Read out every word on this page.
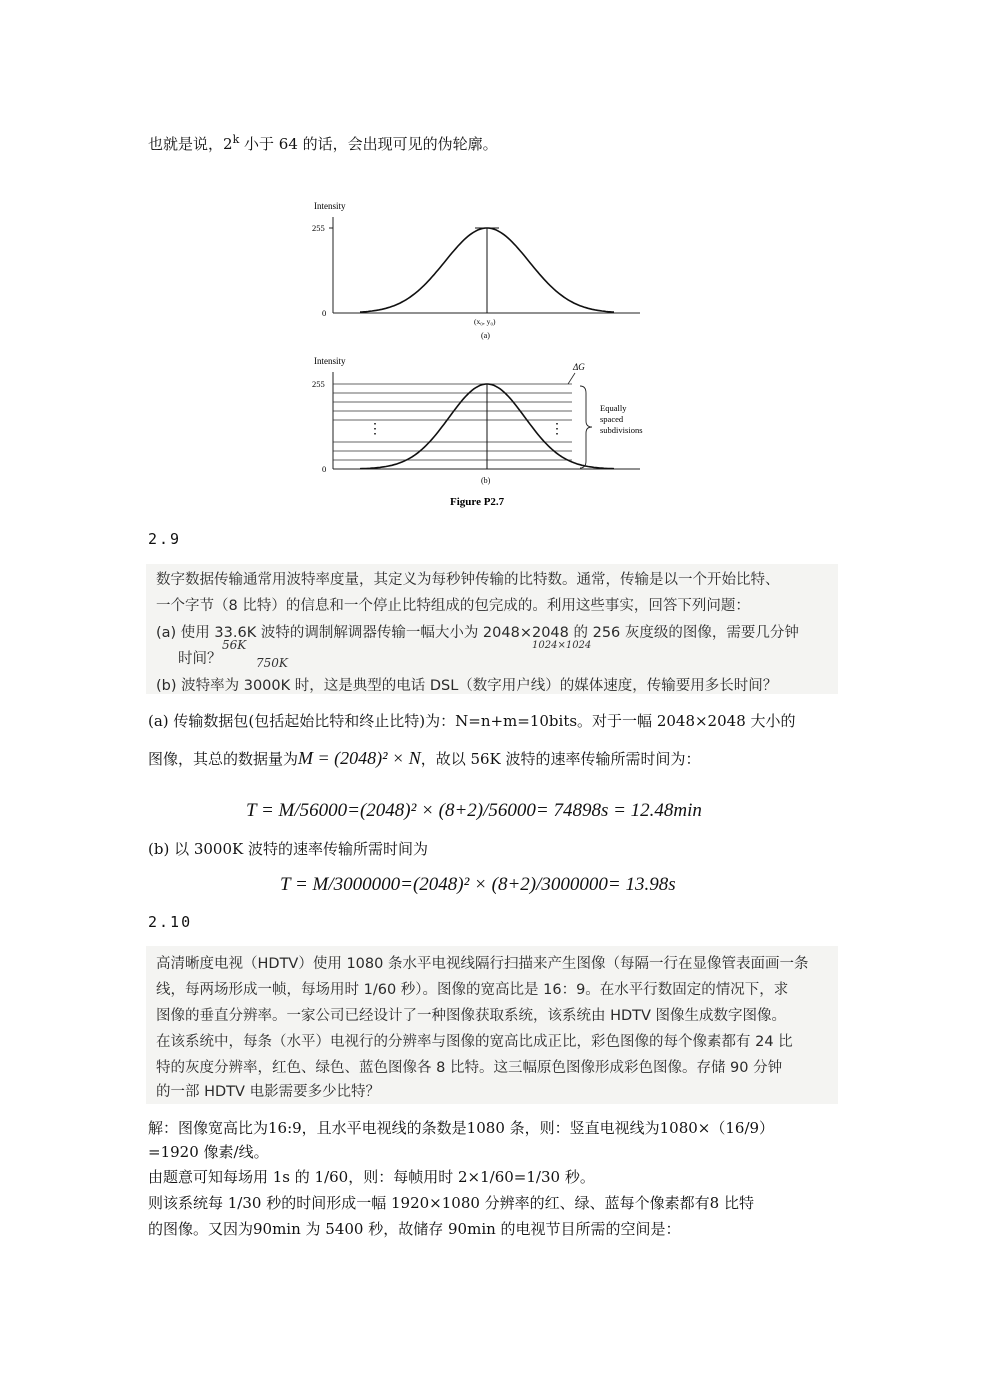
也就是说，2$^k$ 小于 64 的话，会出现可见的伪轮廓。
Intensity
255
0
(x₀, y₀)
(a)
Intensity
255
0
⋮	⋮
ΔG
Equally
spaced
subdivisions
(b)
Figure P2.7
2.9
数字数据传输通常用波特率度量，其定义为每秒钟传输的比特数。通常，传输是以一个开始比特、
一个字节（8 比特）的信息和一个停止比特组成的包完成的。利用这些事实，回答下列问题：
(a) 使用 33.6K 波特的调制解调器传输一幅大小为 2048×2048 的 256 灰度级的图像，需要几分钟
时间？
(b) 波特率为 3000K 时，这是典型的电话 DSL（数字用户线）的媒体速度，传输要用多长时间？
56K	1024×1024
750K
(a) 传输数据包(包括起始比特和终止比特)为：N=n+m=10bits。对于一幅 2048×2048 大小的
图像，其总的数据量为M = (2048)² × N，故以 56K 波特的速率传输所需时间为：
T = M/56000=(2048)² × (8+2)/56000= 74898s = 12.48min
(b) 以 3000K 波特的速率传输所需时间为
T = M/3000000=(2048)² × (8+2)/3000000= 13.98s
2.10
高清晰度电视（HDTV）使用 1080 条水平电视线隔行扫描来产生图像（每隔一行在显像管表面画一条
线，每两场形成一帧，每场用时 1/60 秒）。图像的宽高比是 16：9。在水平行数固定的情况下，求
图像的垂直分辨率。一家公司已经设计了一种图像获取系统，该系统由 HDTV 图像生成数字图像。
在该系统中，每条（水平）电视行的分辨率与图像的宽高比成正比，彩色图像的每个像素都有 24 比
特的灰度分辨率，红色、绿色、蓝色图像各 8 比特。这三幅原色图像形成彩色图像。存储 90 分钟
的一部 HDTV 电影需要多少比特？
解：图像宽高比为16:9，且水平电视线的条数是1080 条，则：竖直电视线为1080×（16/9）
=1920 像素/线。
由题意可知每场用 1s 的 1/60，则：每帧用时 2×1/60=1/30 秒。
则该系统每 1/30 秒的时间形成一幅 1920×1080 分辨率的红、绿、蓝每个像素都有8 比特
的图像。又因为90min 为 5400 秒，故储存 90min 的电视节目所需的空间是：
